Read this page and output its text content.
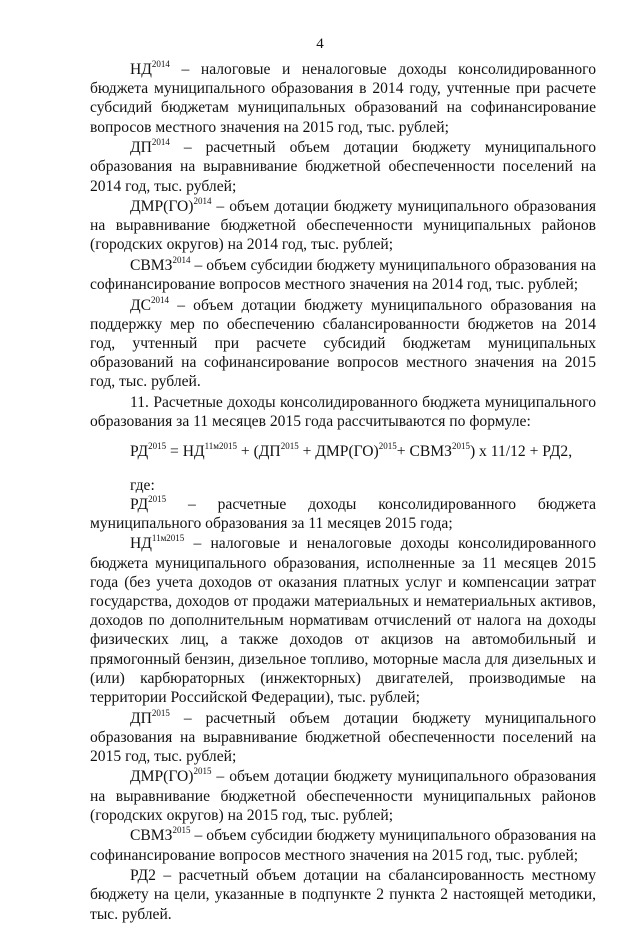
4

$НД^{2014}$ – налоговые и неналоговые доходы консолидированного бюджета муниципального образования в 2014 году, учтенные при расчете субсидий бюджетам муниципальных образований на софинансирование вопросов местного значения на 2015 год, тыс. рублей;

$ДП^{2014}$ – расчетный объем дотации бюджету муниципального образования на выравнивание бюджетной обеспеченности поселений на 2014 год, тыс. рублей;

ДМР(ГО)$^{2014}$ – объем дотации бюджету муниципального образования на выравнивание бюджетной обеспеченности муниципальных районов (городских округов) на 2014 год, тыс. рублей;

$СВМЗ^{2014}$ – объем субсидии бюджету муниципального образования на софинансирование вопросов местного значения на 2014 год, тыс. рублей;

$ДС^{2014}$ – объем дотации бюджету муниципального образования на поддержку мер по обеспечению сбалансированности бюджетов на 2014 год, учтенный при расчете субсидий бюджетам муниципальных образований на софинансирование вопросов местного значения на 2015 год, тыс. рублей.

11. Расчетные доходы консолидированного бюджета муниципального образования за 11 месяцев 2015 года рассчитываются по формуле:

$РД^{2015} = НД^{11м2015} + (ДП^{2015} + ДМР(ГО)^{2015}+$ $СВМЗ^{2015}$) х 11/12 + РД2,

где:

$РД^{2015}$ – расчетные доходы консолидированного бюджета муниципального образования за 11 месяцев 2015 года;

$НД^{11м2015}$ – налоговые и неналоговые доходы консолидированного бюджета муниципального образования, исполненные за 11 месяцев 2015 года (без учета доходов от оказания платных услуг и компенсации затрат государства, доходов от продажи материальных и нематериальных активов, доходов по дополнительным нормативам отчислений от налога на доходы физических лиц, а также доходов от акцизов на автомобильный и прямогонный бензин, дизельное топливо, моторные масла для дизельных и (или) карбюраторных (инжекторных) двигателей, производимые на территории Российской Федерации), тыс. рублей;

$ДП^{2015}$ – расчетный объем дотации бюджету муниципального образования на выравнивание бюджетной обеспеченности поселений на 2015 год, тыс. рублей;

ДМР(ГО)$^{2015}$ – объем дотации бюджету муниципального образования на выравнивание бюджетной обеспеченности муниципальных районов (городских округов) на 2015 год, тыс. рублей;

$СВМЗ^{2015}$ – объем субсидии бюджету муниципального образования на софинансирование вопросов местного значения на 2015 год, тыс. рублей;

РД2 – расчетный объем дотации на сбалансированность местному бюджету на цели, указанные в подпункте 2 пункта 2 настоящей методики, тыс. рублей.
